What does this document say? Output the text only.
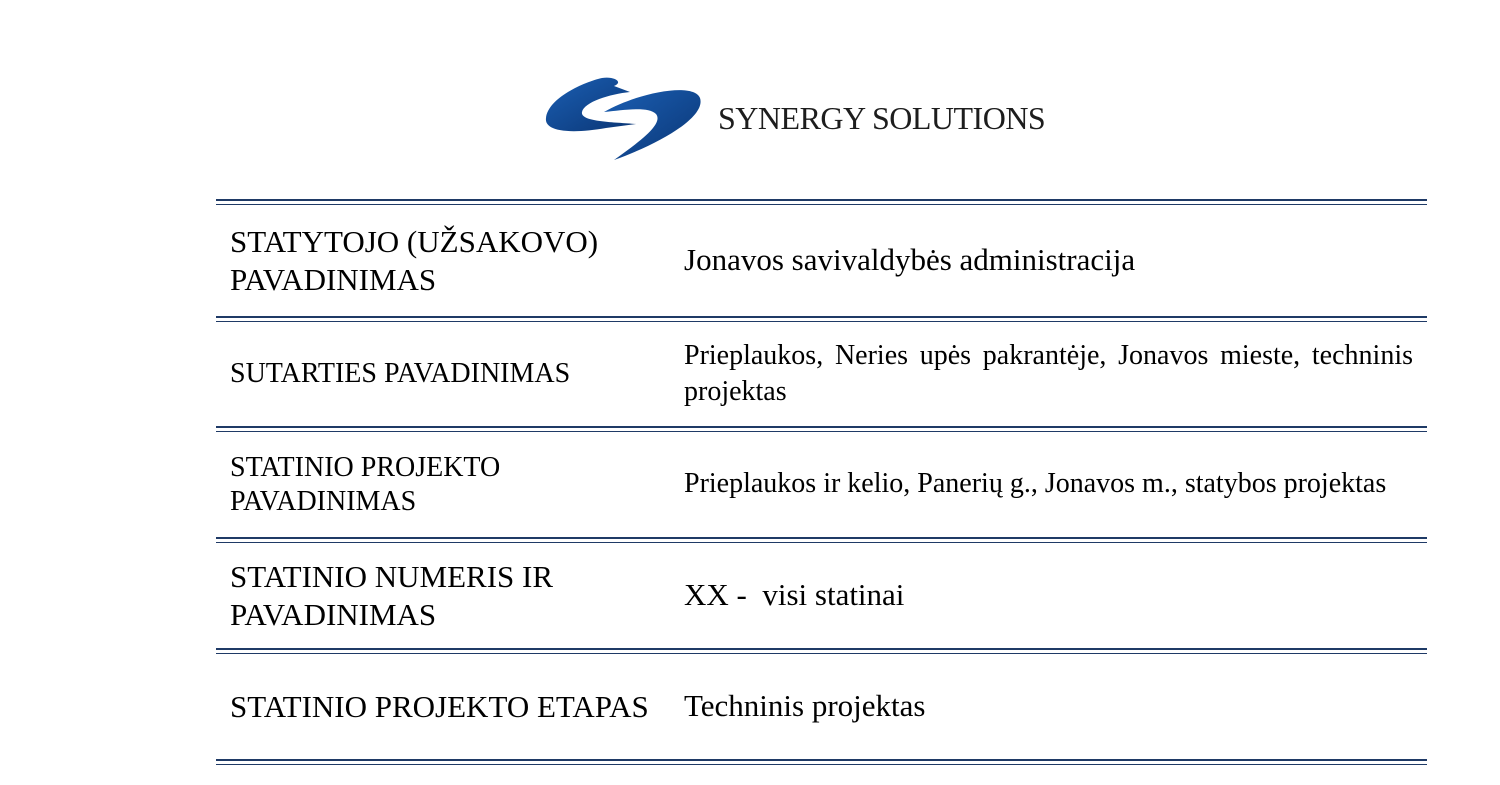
SYNERGY SOLUTIONS
STATYTOJO (UŽSAKOVO) PAVADINIMAS
Jonavos savivaldybės administracija
SUTARTIES PAVADINIMAS
Prieplaukos, Neries upės pakrantėje, Jonavos mieste, techninis projektas
STATINIO PROJEKTO PAVADINIMAS
Prieplaukos ir kelio, Panerių g., Jonavos m., statybos projektas
STATINIO NUMERIS IR PAVADINIMAS
XX -  visi statinai
STATINIO PROJEKTO ETAPAS	Techninis projektas
